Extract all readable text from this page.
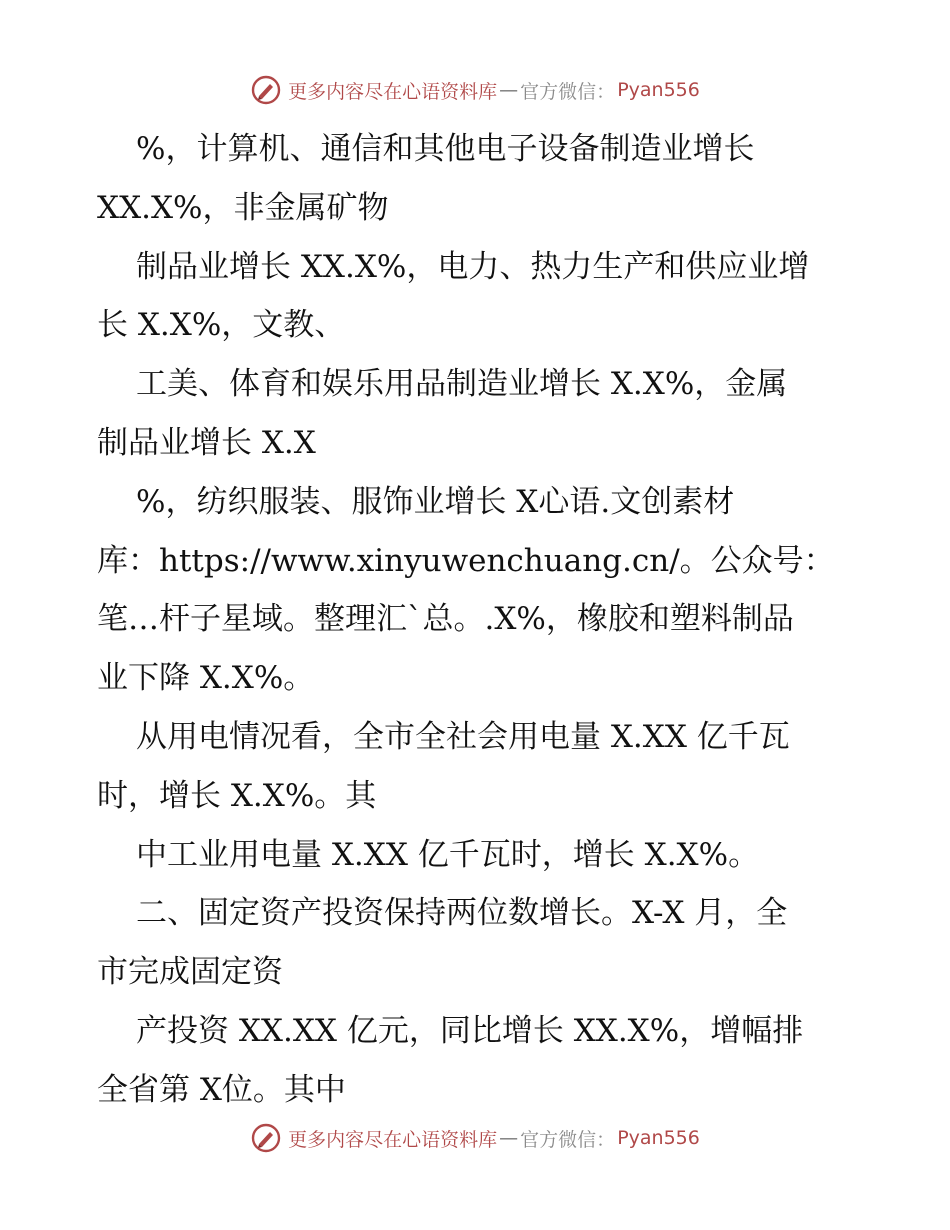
更多内容尽在心语资料库 — 官方微信： Pyan556
%，计算机、通信和其他电子设备制造业增长
XX.X%，非金属矿物
制品业增长 XX.X%，电力、热力生产和供应业增
长 X.X%，文教、
工美、体育和娱乐用品制造业增长 X.X%，金属
制品业增长 X.X
%，纺织服装、服饰业增长 X心语.文创素材
库：https://www.xinyuwenchuang.cn/。公众号：
笔…杆子星域。整理汇`总。.X%，橡胶和塑料制品
业下降 X.X%。
从用电情况看，全市全社会用电量 X.XX 亿千瓦
时，增长 X.X%。其
中工业用电量 X.XX 亿千瓦时，增长 X.X%。
二、固定资产投资保持两位数增长。X-X 月，全
市完成固定资
产投资 XX.XX 亿元，同比增长 XX.X%，增幅排
全省第 X位。其中
更多内容尽在心语资料库 — 官方微信： Pyan556
